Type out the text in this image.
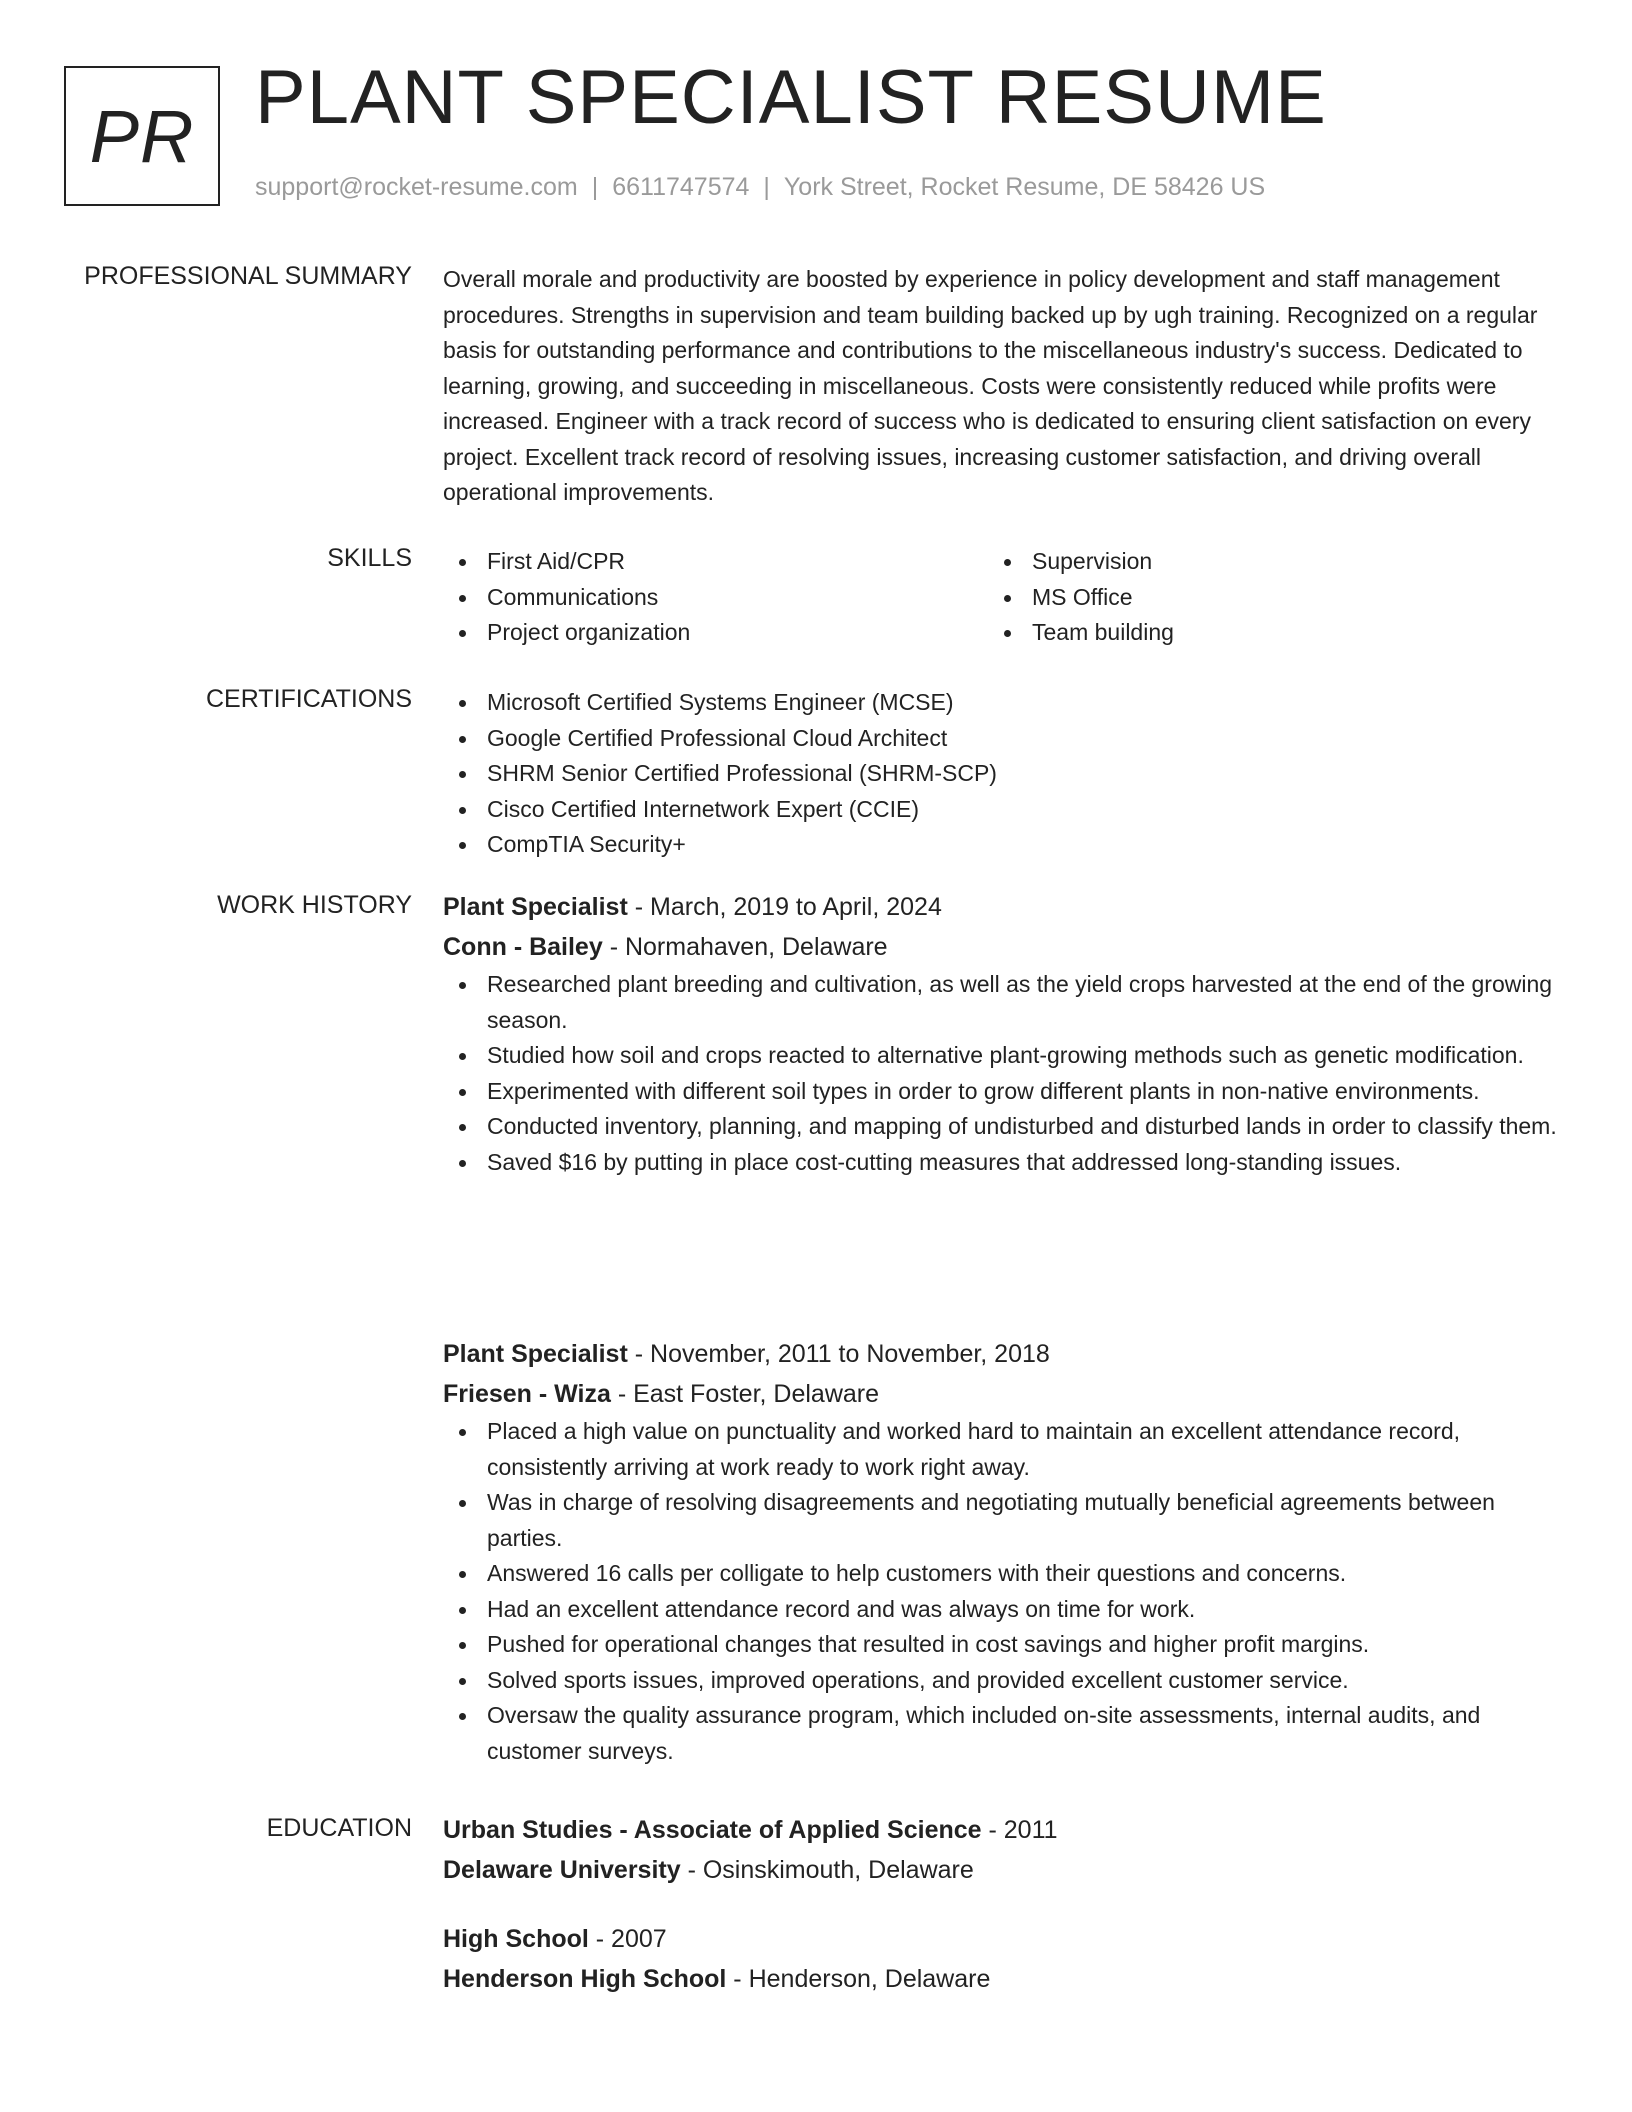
PR PLANT SPECIALIST RESUME
support@rocket-resume.com | 6611747574 | York Street, Rocket Resume, DE 58426 US
PROFESSIONAL SUMMARY Overall morale and productivity are boosted by experience in policy development and staff management procedures. Strengths in supervision and team building backed up by ugh training. Recognized on a regular basis for outstanding performance and contributions to the miscellaneous industry's success. Dedicated to learning, growing, and succeeding in miscellaneous. Costs were consistently reduced while profits were increased. Engineer with a track record of success who is dedicated to ensuring client satisfaction on every project. Excellent track record of resolving issues, increasing customer satisfaction, and driving overall operational improvements.

SKILLS	First Aid/CPR
Communications
Project organization
Supervision
MS Office
Team building
CERTIFICATIONS	Microsoft Certified Systems Engineer (MCSE)
Google Certified Professional Cloud Architect
SHRM Senior Certified Professional (SHRM-SCP)
Cisco Certified Internetwork Expert (CCIE)
CompTIA Security+
WORK HISTORY Plant Specialist - March, 2019 to April, 2024
Conn - Bailey - Normahaven, Delaware
Researched plant breeding and cultivation, as well as the yield crops harvested at the end of the growing season.
Studied how soil and crops reacted to alternative plant-growing methods such as genetic modification.
Experimented with different soil types in order to grow different plants in non-native environments.
Conducted inventory, planning, and mapping of undisturbed and disturbed lands in order to classify them.
Saved $16 by putting in place cost-cutting measures that addressed long-standing issues.
Plant Specialist - November, 2011 to November, 2018
Friesen - Wiza - East Foster, Delaware
Placed a high value on punctuality and worked hard to maintain an excellent attendance record, consistently arriving at work ready to work right away.
Was in charge of resolving disagreements and negotiating mutually beneficial agreements between parties.
Answered 16 calls per colligate to help customers with their questions and concerns.
Had an excellent attendance record and was always on time for work.
Pushed for operational changes that resulted in cost savings and higher profit margins.
Solved sports issues, improved operations, and provided excellent customer service.
Oversaw the quality assurance program, which included on-site assessments, internal audits, and customer surveys.
EDUCATION Urban Studies - Associate of Applied Science - 2011
Delaware University - Osinskimouth, Delaware
High School - 2007
Henderson High School - Henderson, Delaware
